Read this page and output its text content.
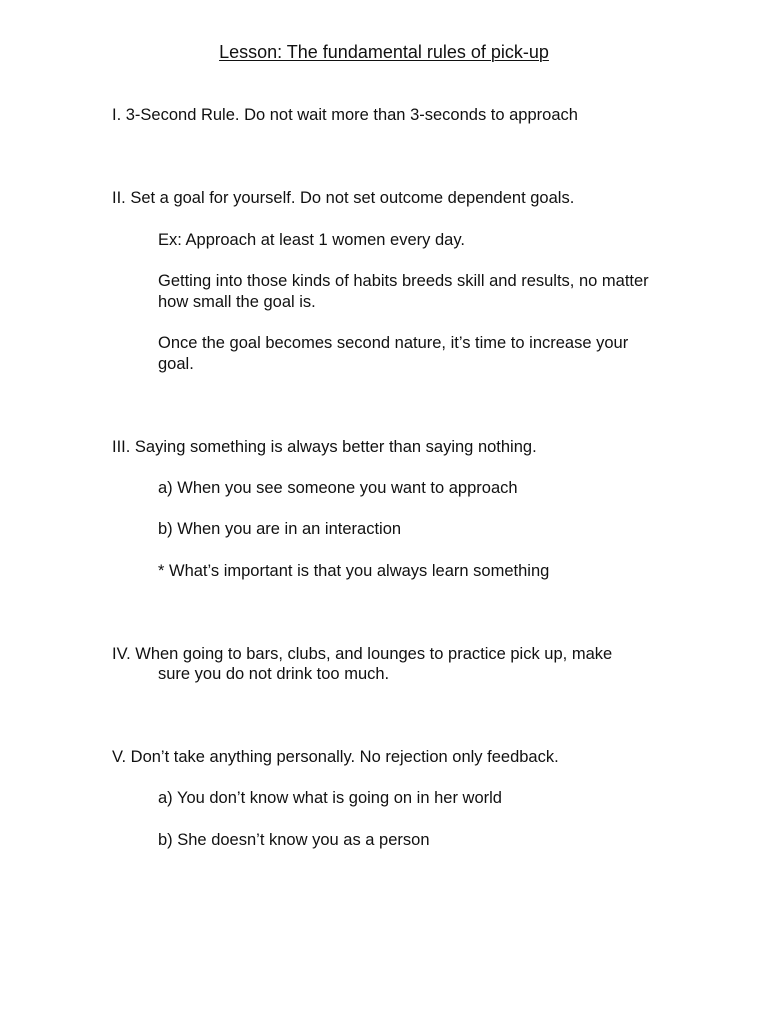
Lesson: The fundamental rules of pick-up
I. 3-Second Rule. Do not wait more than 3-seconds to approach
II. Set a goal for yourself. Do not set outcome dependent goals.
Ex: Approach at least 1 women every day.
Getting into those kinds of habits breeds skill and results, no matter how small the goal is.
Once the goal becomes second nature, it’s time to increase your goal.
III. Saying something is always better than saying nothing.
a) When you see someone you want to approach
b) When you are in an interaction
* What’s important is that you always learn something
IV. When going to bars, clubs, and lounges to practice pick up, make
sure you do not drink too much.
V. Don’t take anything personally. No rejection only feedback.
a) You don’t know what is going on in her world
b) She doesn’t know you as a person
